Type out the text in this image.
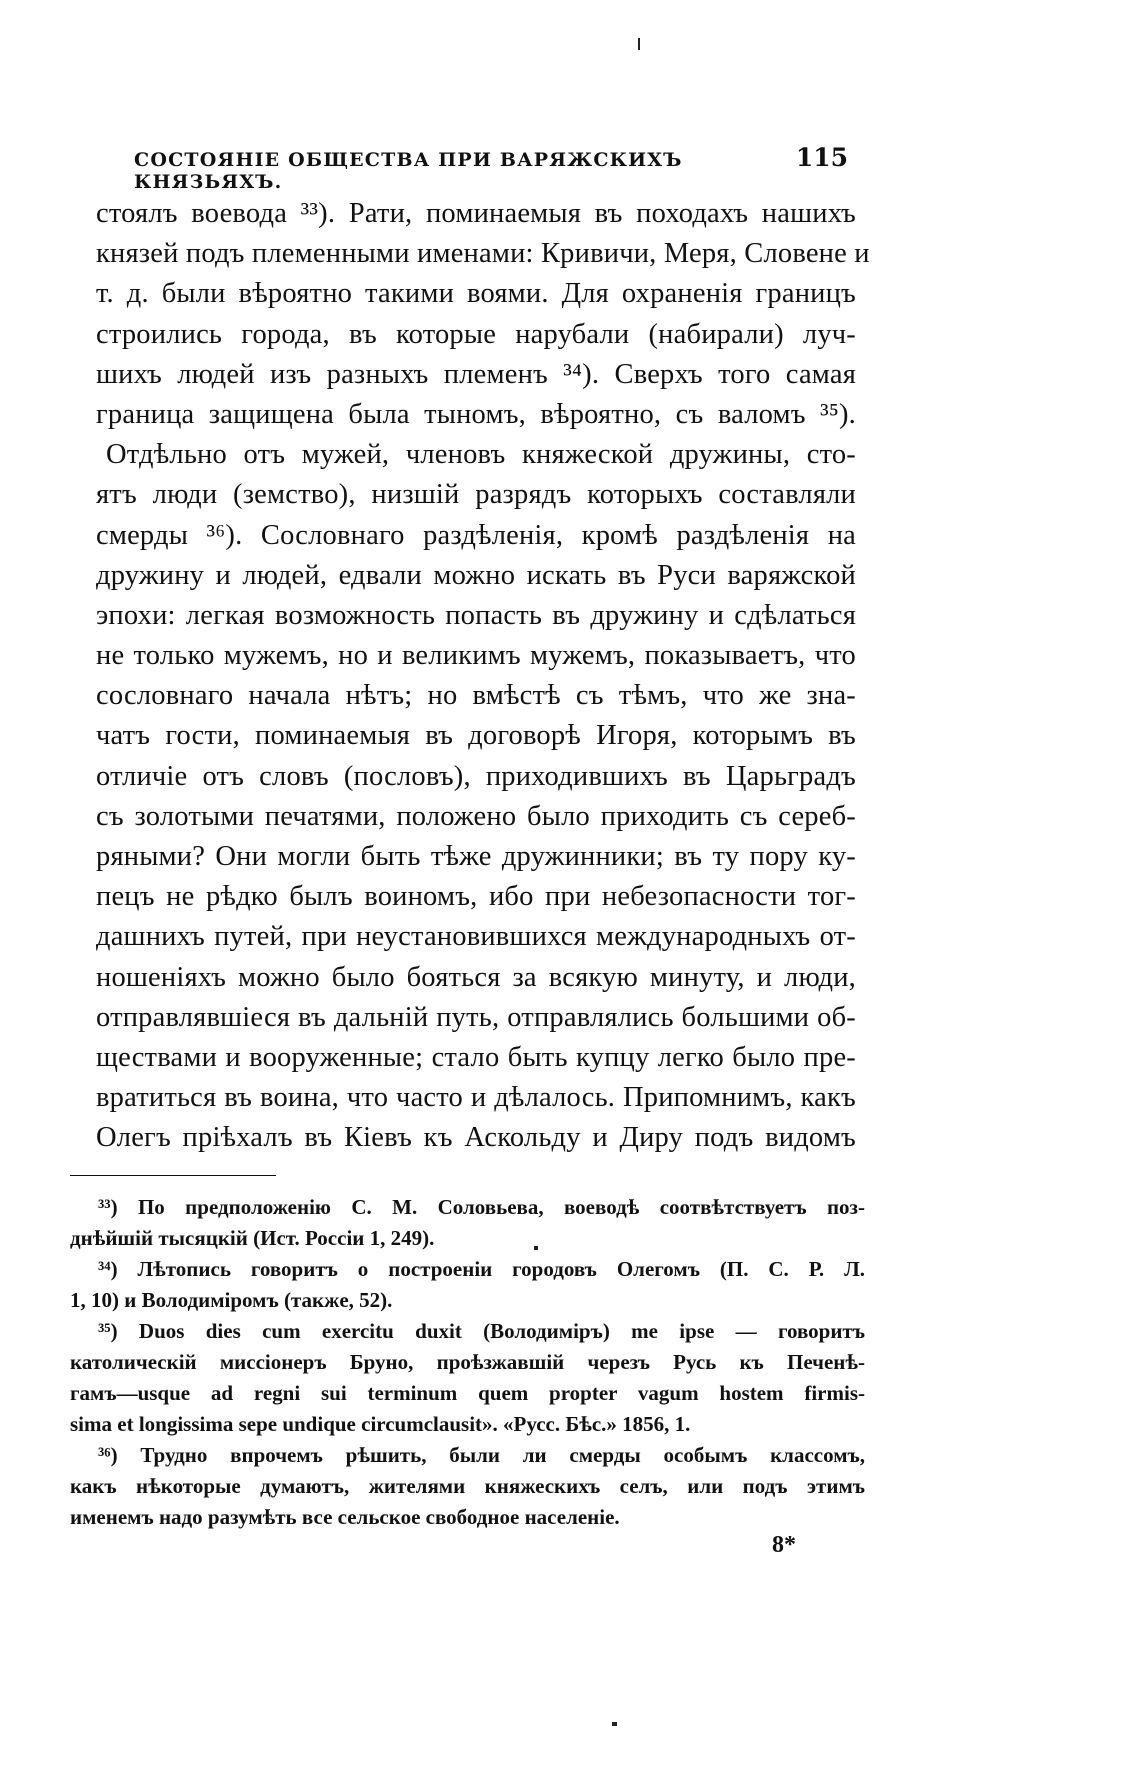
СОСТОЯНІЕ ОБЩЕСТВА ПРИ ВАРЯЖСКИХЪ КНЯЗЬЯХЪ.
115
стоялъ воевода ³³). Рати, поминаемыя въ походахъ нашихъ
князей подъ племенными именами: Кривичи, Меря, Словене и
т. д. были вѣроятно такими воями. Для охраненія границъ
строились города, въ которые нарубали (набирали) луч-
шихъ людей изъ разныхъ племенъ ³⁴). Сверхъ того самая
граница защищена была тыномъ, вѣроятно, съ валомъ ³⁵).
Отдѣльно отъ мужей, членовъ княжеской дружины, сто-
ятъ люди (земство), низшій разрядъ которыхъ составляли
смерды ³⁶). Сословнаго раздѣленія, кромѣ раздѣленія на
дружину и людей, едвали можно искать въ Руси варяжской
эпохи: легкая возможность попасть въ дружину и сдѣлаться
не только мужемъ, но и великимъ мужемъ, показываетъ, что
сословнаго начала нѣтъ; но вмѣстѣ съ тѣмъ, что же зна-
чатъ гости, поминаемыя въ договорѣ Игоря, которымъ въ
отличіе отъ словъ (пословъ), приходившихъ въ Царьградъ
съ золотыми печатями, положено было приходить съ сереб-
ряными? Они могли быть тѣже дружинники; въ ту пору ку-
пецъ не рѣдко былъ воиномъ, ибо при небезопасности тог-
дашнихъ путей, при неустановившихся международныхъ от-
ношеніяхъ можно было бояться за всякую минуту, и люди,
отправлявшіеся въ дальній путь, отправлялись большими об-
ществами и вооруженные; стало быть купцу легко было пре-
вратиться въ воина, что часто и дѣлалось. Припомнимъ, какъ
Олегъ пріѣхалъ въ Кіевъ къ Аскольду и Диру подъ видомъ
³³) По предположенію С. М. Соловьева, воеводѣ соотвѣтствуетъ поз-
днѣйшій тысяцкій (Ист. Россіи 1, 249).
³⁴) Лѣтопись говоритъ о построеніи городовъ Олегомъ (П. С. Р. Л.
1, 10) и Володиміромъ (такжe, 52).
³⁵) Duos dies cum exercitu duxit (Володиміръ) me ipse — говоритъ
католическій миссіонеръ Бруно, проѣзжавшій черезъ Русь къ Печенѣ-
гамъ—usque ad regni sui terminum quem propter vagum hostem firmis-
sima et longissima sepe undique circumclausit». «Русс. Бѣс.» 1856, 1.
³⁶) Трудно впрочемъ рѣшить, были ли смерды особымъ классомъ,
какъ нѣкоторые думаютъ, жителями княжескихъ селъ, или подъ этимъ
именемъ надо разумѣть все сельское свободное населеніе.
8*
